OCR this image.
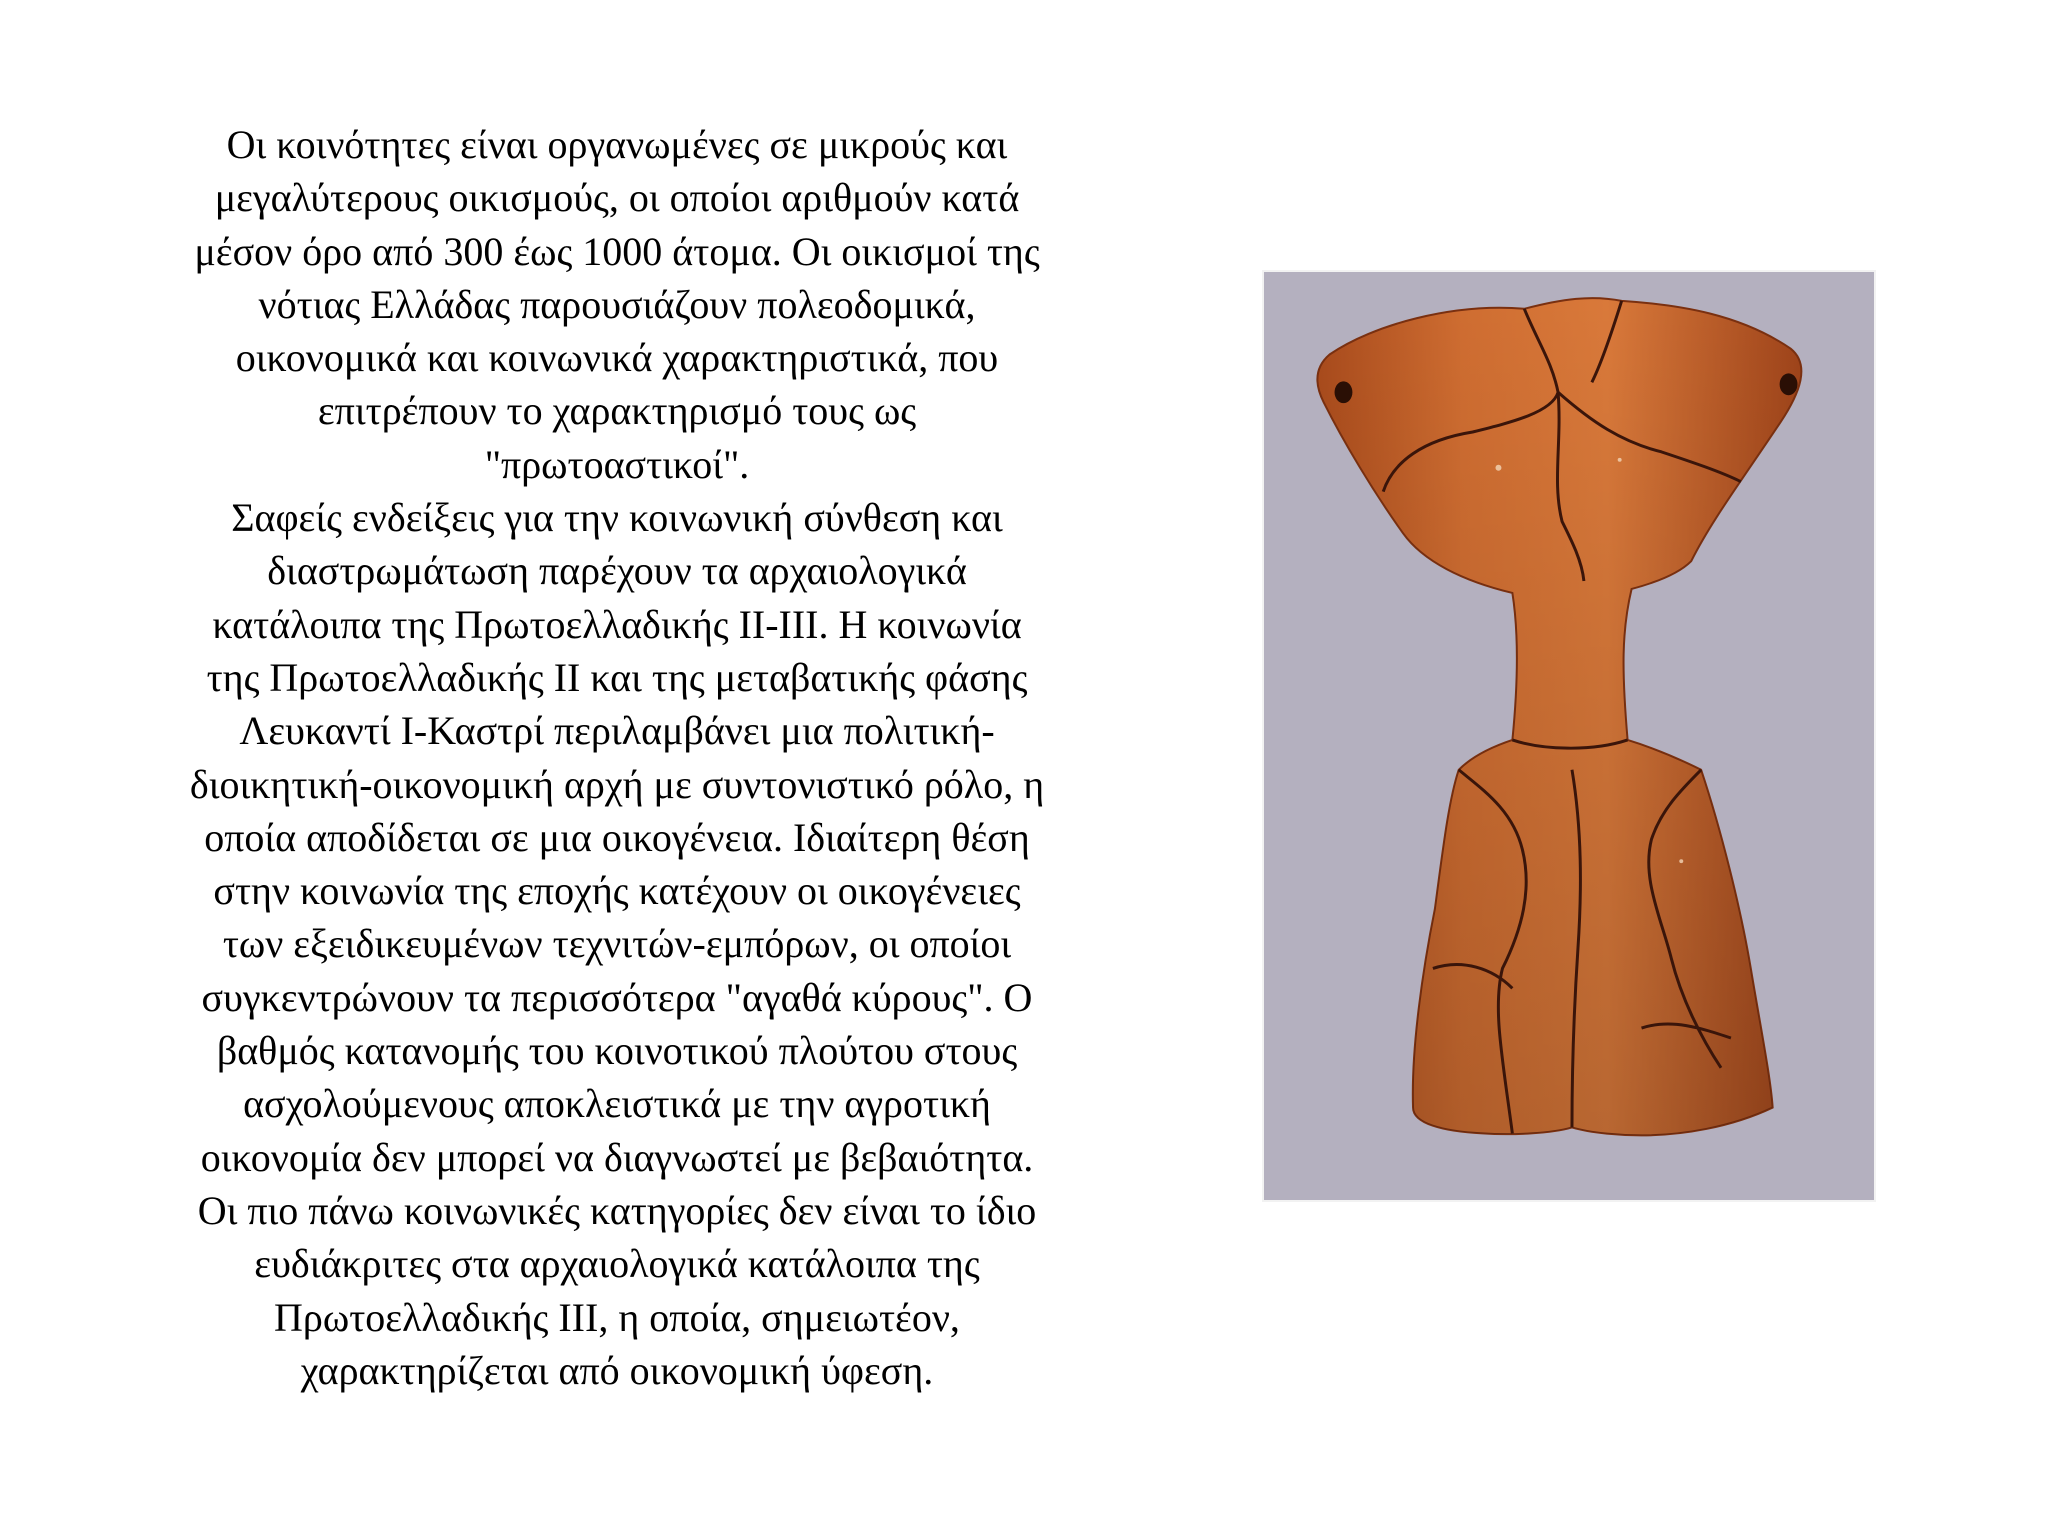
Οι κοινότητες είναι οργανωμένες σε μικρούς και
μεγαλύτερους οικισμούς, οι οποίοι αριθμούν κατά
μέσον όρο από 300 έως 1000 άτομα. Οι οικισμοί της
νότιας Ελλάδας παρουσιάζουν πολεοδομικά,
οικονομικά και κοινωνικά χαρακτηριστικά, που
επιτρέπουν το χαρακτηρισμό τους ως
"πρωτοαστικοί".
Σαφείς ενδείξεις για την κοινωνική σύνθεση και
διαστρωμάτωση παρέχουν τα αρχαιολογικά
κατάλοιπα της Πρωτοελλαδικής ΙΙ-ΙΙΙ. Η κοινωνία
της Πρωτοελλαδικής ΙΙ και της μεταβατικής φάσης
Λευκαντί Ι-Καστρί περιλαμβάνει μια πολιτική-
διοικητική-οικονομική αρχή με συντονιστικό ρόλο, η
οποία αποδίδεται σε μια οικογένεια. Ιδιαίτερη θέση
στην κοινωνία της εποχής κατέχουν οι οικογένειες
των εξειδικευμένων τεχνιτών-εμπόρων, οι οποίοι
συγκεντρώνουν τα περισσότερα "αγαθά κύρους". Ο
βαθμός κατανομής του κοινοτικού πλούτου στους
ασχολούμενους αποκλειστικά με την αγροτική
οικονομία δεν μπορεί να διαγνωστεί με βεβαιότητα.
Οι πιο πάνω κοινωνικές κατηγορίες δεν είναι το ίδιο
ευδιάκριτες στα αρχαιολογικά κατάλοιπα της
Πρωτοελλαδικής ΙΙΙ, η οποία, σημειωτέον,
χαρακτηρίζεται από οικονομική ύφεση.
